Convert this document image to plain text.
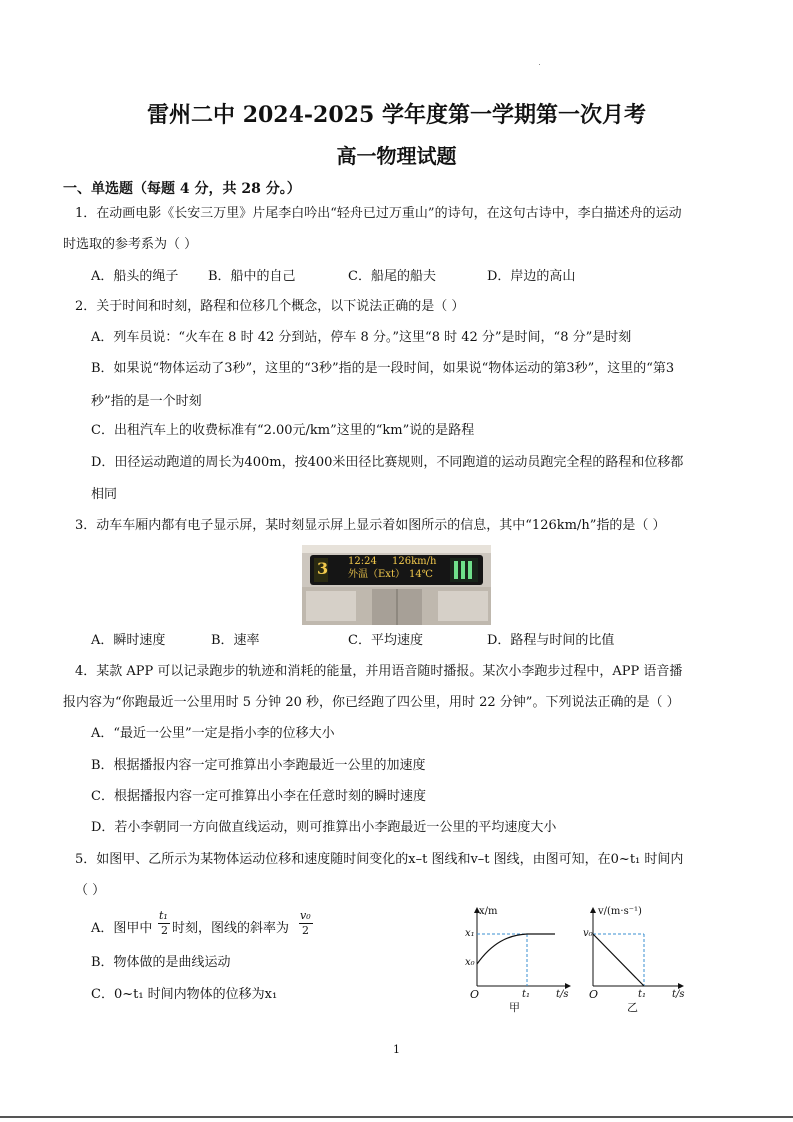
雷州二中 2024-2025 学年度第一学期第一次月考
高一物理试题
一、单选题（每题 4 分，共 28 分。）
1．在动画电影《长安三万里》片尾李白吟出“轻舟已过万重山”的诗句，在这句古诗中，李白描述舟的运动
时选取的参考系为（ ）
A．船头的绳子 B．船中的自己	C．船尾的船夫	D．岸边的高山
2．关于时间和时刻，路程和位移几个概念，以下说法正确的是（ ）
A．列车员说：“火车在 8 时 42 分到站，停车 8 分。”这里“8 时 42 分”是时间，“8 分”是时刻
B．如果说“物体运动了3秒”，这里的“3秒”指的是一段时间，如果说“物体运动的第3秒”，这里的“第3
秒”指的是一个时刻
C．出租汽车上的收费标准有“2.00元/km”这里的“km”说的是路程
D．田径运动跑道的周长为400m，按400米田径比赛规则，不同跑道的运动员跑完全程的路程和位移都
相同
3．动车车厢内都有电子显示屏，某时刻显示屏上显示着如图所示的信息，其中“126km/h”指的是（ ）
3 12:24 126km/h
外温（Ext） 14℃
A．瞬时速度	B．速率	C．平均速度	D．路程与时间的比值
4．某款 APP 可以记录跑步的轨迹和消耗的能量，并用语音随时播报。某次小李跑步过程中，APP 语音播
报内容为“你跑最近一公里用时 5 分钟 20 秒，你已经跑了四公里，用时 22 分钟”。下列说法正确的是（ ）
A．“最近一公里”一定是指小李的位移大小
B．根据播报内容一定可推算出小李跑最近一公里的加速度
C．根据播报内容一定可推算出小李在任意时刻的瞬时速度
D．若小李朝同一方向做直线运动，则可推算出小李跑最近一公里的平均速度大小
5．如图甲、乙所示为某物体运动位移和速度随时间变化的x–t 图线和v–t 图线，由图可知，在0~t₁ 时间内
（ ）
A．图甲中
t₁
2 时刻，图线的斜率为
v₀
2
B．物体做的是曲线运动
C．0~t₁ 时间内物体的位移为x₁
x/m
x₁
x₀
O	t₁	t/s
甲
v/(m·s⁻¹)
v₀
O	t₁	t/s
乙
1
